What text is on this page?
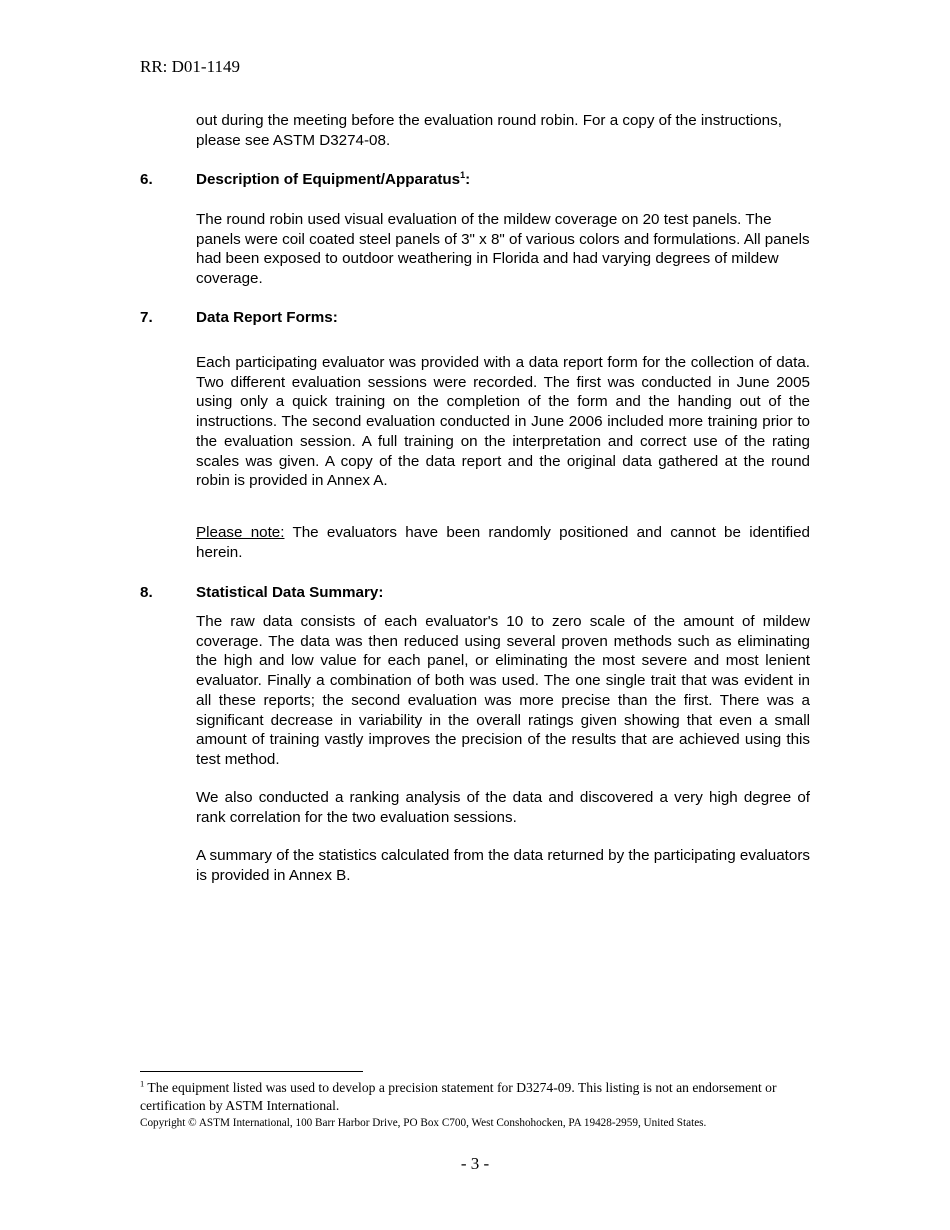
RR: D01-1149
out during the meeting before the evaluation round robin. For a copy of the instructions, please see ASTM D3274-08.
6.	Description of Equipment/Apparatus$^1$:
The round robin used visual evaluation of the mildew coverage on 20 test panels. The panels were coil coated steel panels of 3" x 8" of various colors and formulations. All panels had been exposed to outdoor weathering in Florida and had varying degrees of mildew coverage.
7.	Data Report Forms:
Each participating evaluator was provided with a data report form for the collection of data. Two different evaluation sessions were recorded. The first was conducted in June 2005 using only a quick training on the completion of the form and the handing out of the instructions. The second evaluation conducted in June 2006 included more training prior to the evaluation session. A full training on the interpretation and correct use of the rating scales was given. A copy of the data report and the original data gathered at the round robin is provided in Annex A.
Please note: The evaluators have been randomly positioned and cannot be identified herein.
8.	Statistical Data Summary:
The raw data consists of each evaluator's 10 to zero scale of the amount of mildew coverage. The data was then reduced using several proven methods such as eliminating the high and low value for each panel, or eliminating the most severe and most lenient evaluator. Finally a combination of both was used. The one single trait that was evident in all these reports; the second evaluation was more precise than the first. There was a significant decrease in variability in the overall ratings given showing that even a small amount of training vastly improves the precision of the results that are achieved using this test method.
We also conducted a ranking analysis of the data and discovered a very high degree of rank correlation for the two evaluation sessions.
A summary of the statistics calculated from the data returned by the participating evaluators is provided in Annex B.
$^1$ The equipment listed was used to develop a precision statement for D3274-09. This listing is not an endorsement or certification by ASTM International.
Copyright © ASTM International, 100 Barr Harbor Drive, PO Box C700, West Conshohocken, PA 19428-2959, United States.
- 3 -
